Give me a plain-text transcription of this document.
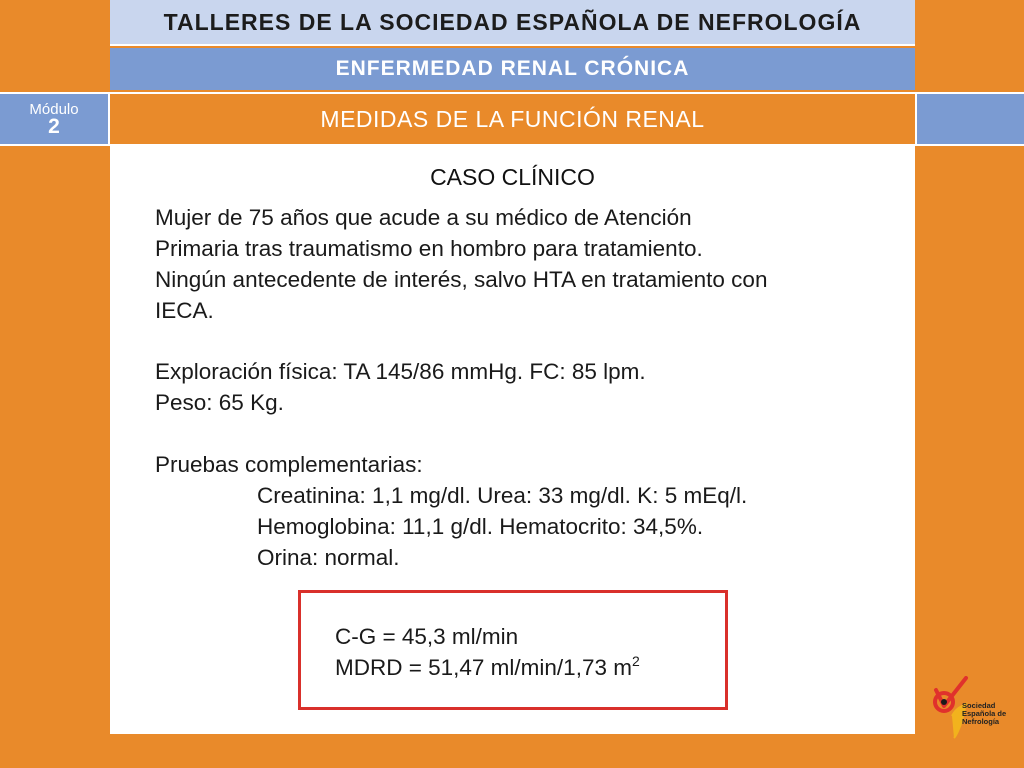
TALLERES DE LA SOCIEDAD ESPAÑOLA DE NEFROLOGÍA
ENFERMEDAD RENAL CRÓNICA
Módulo
2	MEDIDAS DE LA FUNCIÓN RENAL
CASO CLÍNICO
Mujer de 75 años que acude a su médico de Atención
Primaria tras traumatismo en hombro para tratamiento.
Ningún antecedente de interés, salvo HTA en tratamiento con
IECA.
Exploración física: TA 145/86 mmHg. FC: 85 lpm.
Peso: 65 Kg.
Pruebas complementarias:
Creatinina: 1,1 mg/dl. Urea: 33 mg/dl. K: 5 mEq/l.
Hemoglobina: 11,1 g/dl. Hematocrito: 34,5%.
Orina: normal.
C-G = 45,3 ml/min
MDRD = 51,47 ml/min/1,73 $m^2$
Sociedad
Española de
Nefrología
